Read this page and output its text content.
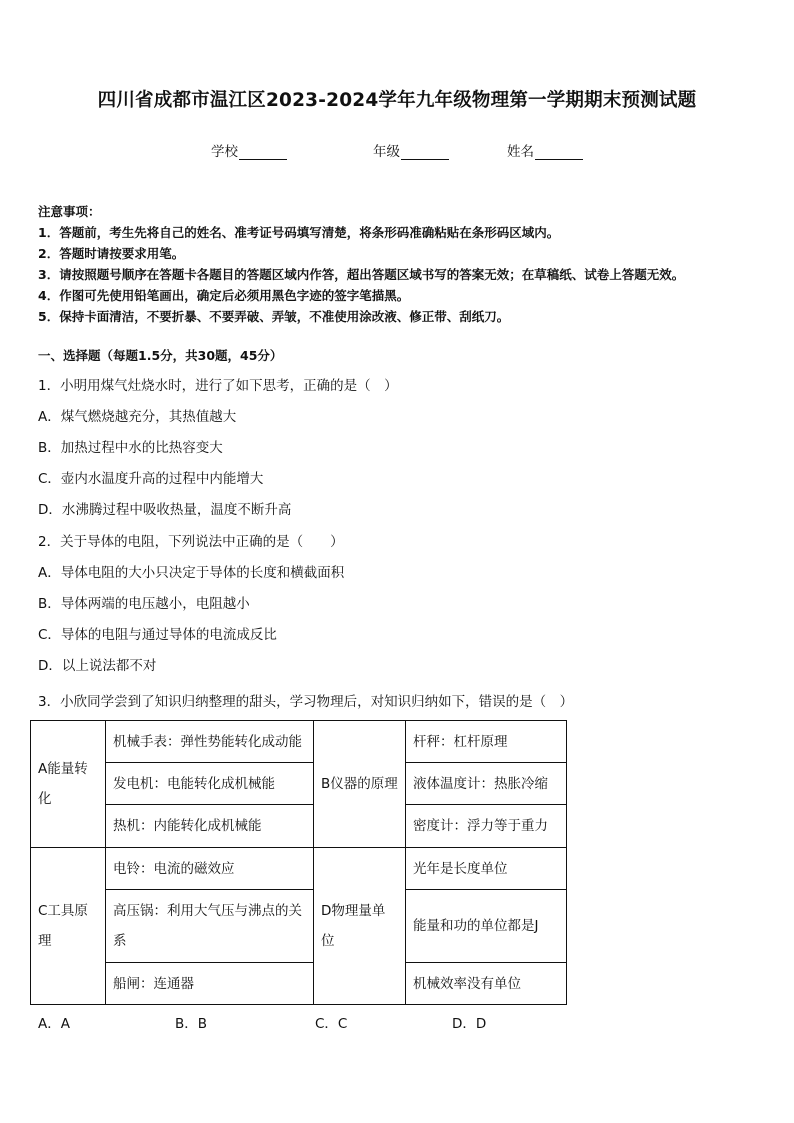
四川省成都市温江区2023-2024学年九年级物理第一学期期末预测试题
学校	年级	姓名
注意事项：
1．答题前，考生先将自己的姓名、准考证号码填写清楚，将条形码准确粘贴在条形码区域内。
2．答题时请按要求用笔。
3．请按照题号顺序在答题卡各题目的答题区域内作答，超出答题区域书写的答案无效；在草稿纸、试卷上答题无效。
4．作图可先使用铅笔画出，确定后必须用黑色字迹的签字笔描黑。
5．保持卡面清洁，不要折暴、不要弄破、弄皱，不准使用涂改液、修正带、刮纸刀。
一、选择题（每题1.5分，共30题，45分）
1．小明用煤气灶烧水时，进行了如下思考，正确的是（　）
A．煤气燃烧越充分，其热值越大
B．加热过程中水的比热容变大
C．壶内水温度升高的过程中内能增大
D．水沸腾过程中吸收热量，温度不断升高
2．关于导体的电阻，下列说法中正确的是（　　）
A．导体电阻的大小只决定于导体的长度和横截面积
B．导体两端的电压越小，电阻越小
C．导体的电阻与通过导体的电流成反比
D．以上说法都不对
3．小欣同学尝到了知识归纳整理的甜头，学习物理后，对知识归纳如下，错误的是（　）
A能量转化	机械手表：弹性势能转化成动能	B仪器的原理	杆秤：杠杆原理
	发电机：电能转化成机械能		液体温度计：热胀冷缩
	热机：内能转化成机械能		密度计：浮力等于重力
C工具原理	电铃：电流的磁效应	D物理量单位	光年是长度单位
	高压锅：利用大气压与沸点的关系		能量和功的单位都是J
	船闸：连通器		机械效率没有单位
A．A	B．B	C．C	D．D
